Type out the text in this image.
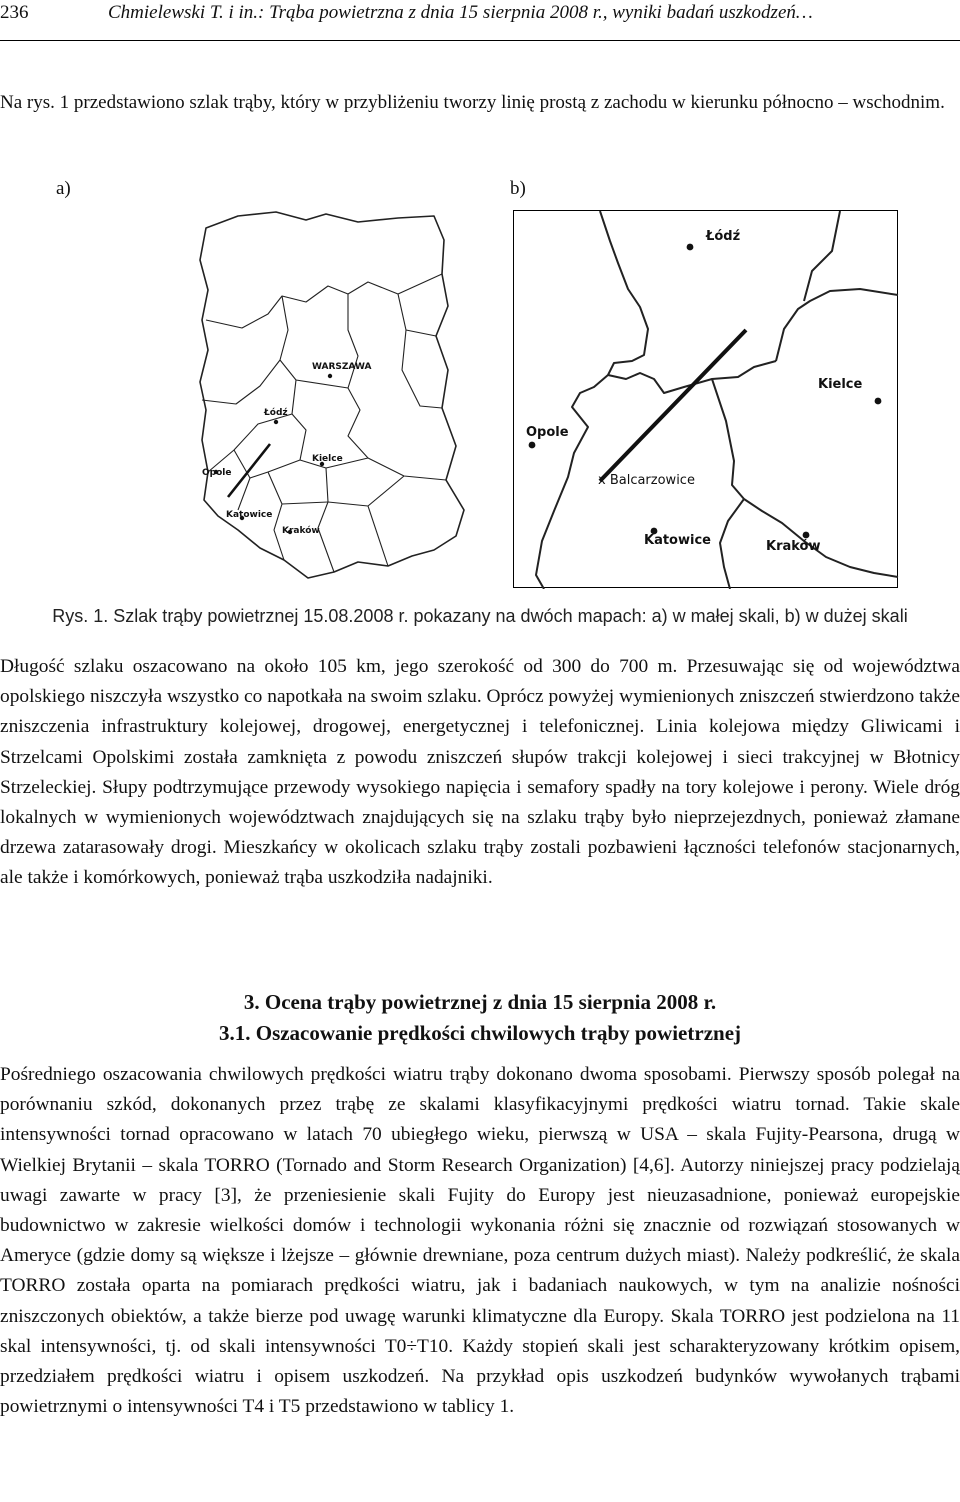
236	Chmielewski T. i in.: Trąba powietrzna z dnia 15 sierpnia 2008 r., wyniki badań uszkodzeń…
Na rys. 1 przedstawiono szlak trąby, który w przybliżeniu tworzy linię prostą z zachodu w kierunku północno – wschodnim.
a)	b)
WARSZAWA
Łódź
Opole
Kielce
Katowice
Kraków
Łódź
Kielce
Opole
x Balcarzowice
Katowice	Kraków
Rys. 1. Szlak trąby powietrznej 15.08.2008 r. pokazany na dwóch mapach: a) w małej skali, b) w dużej skali
Długość szlaku oszacowano na około 105 km, jego szerokość od 300 do 700 m. Przesuwając się od województwa opolskiego niszczyła wszystko co napotkała na swoim szlaku. Oprócz powyżej wymienionych zniszczeń stwierdzono także zniszczenia infrastruktury kolejowej, drogowej, energetycznej i telefonicznej. Linia kolejowa między Gliwicami i Strzelcami Opolskimi została zamknięta z powodu zniszczeń słupów trakcji kolejowej i sieci trakcyjnej w Błotnicy Strzeleckiej. Słupy podtrzymujące przewody wysokiego napięcia i semafory spadły na tory kolejowe i perony. Wiele dróg lokalnych w wymienionych województwach znajdujących się na szlaku trąby było nieprzejezdnych, ponieważ złamane drzewa zatarasowały drogi. Mieszkańcy w okolicach szlaku trąby zostali pozbawieni łączności telefonów stacjonarnych, ale także i komórkowych, ponieważ trąba uszkodziła nadajniki.
3. Ocena trąby powietrznej z dnia 15 sierpnia 2008 r.
3.1. Oszacowanie prędkości chwilowych trąby powietrznej
Pośredniego oszacowania chwilowych prędkości wiatru trąby dokonano dwoma sposobami. Pierwszy sposób polegał na porównaniu szkód, dokonanych przez trąbę ze skalami klasyfikacyjnymi prędkości wiatru tornad. Takie skale intensywności tornad opracowano w latach 70 ubiegłego wieku, pierwszą w USA – skala Fujity-Pearsona, drugą w Wielkiej Brytanii – skala TORRO (Tornado and Storm Research Organization) [4,6]. Autorzy niniejszej pracy podzielają uwagi zawarte w pracy [3], że przeniesienie skali Fujity do Europy jest nieuzasadnione, ponieważ europejskie budownictwo w zakresie wielkości domów i technologii wykonania różni się znacznie od rozwiązań stosowanych w Ameryce (gdzie domy są większe i lżejsze – głównie drewniane, poza centrum dużych miast). Należy podkreślić, że skala TORRO została oparta na pomiarach prędkości wiatru, jak i badaniach naukowych, w tym na analizie nośności zniszczonych obiektów, a także bierze pod uwagę warunki klimatyczne dla Europy. Skala TORRO jest podzielona na 11 skal intensywności, tj. od skali intensywności T0÷T10. Każdy stopień skali jest scharakteryzowany krótkim opisem, przedziałem prędkości wiatru i opisem uszkodzeń. Na przykład opis uszkodzeń budynków wywołanych trąbami powietrznymi o intensywności T4 i T5 przedstawiono w tablicy 1.
